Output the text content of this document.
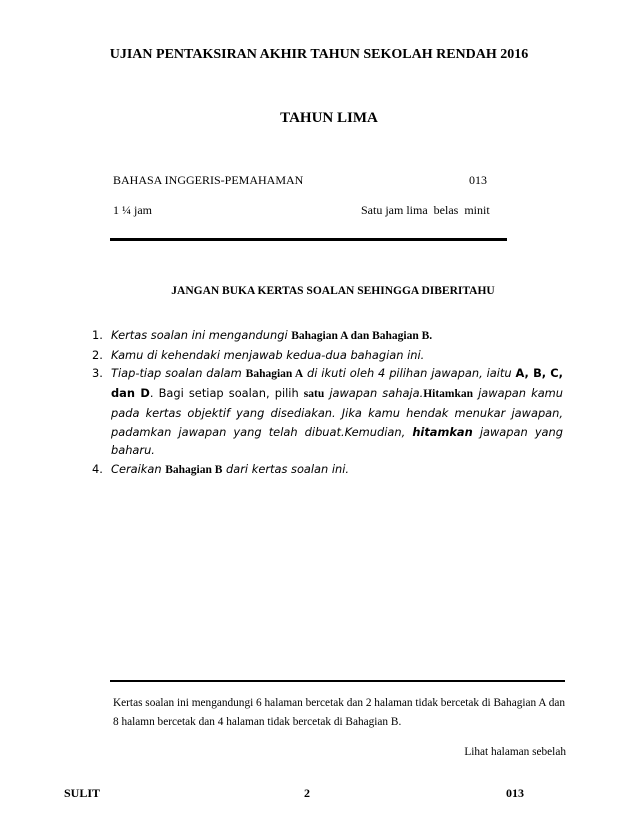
UJIAN PENTAKSIRAN AKHIR TAHUN SEKOLAH RENDAH 2016
TAHUN LIMA
BAHASA INGGERIS-PEMAHAMAN	013
1 ¼ jam	Satu jam lima  belas  minit
JANGAN BUKA KERTAS SOALAN SEHINGGA DIBERITAHU
1. Kertas soalan ini mengandungi Bahagian A dan Bahagian B.
2. Kamu di kehendaki menjawab kedua-dua bahagian ini.
3. Tiap-tiap soalan dalam Bahagian A di ikuti oleh 4 pilihan jawapan, iaitu A, B, C, dan D. Bagi setiap soalan, pilih satu jawapan sahaja.Hitamkan jawapan kamu pada kertas objektif yang disediakan. Jika kamu hendak menukar jawapan, padamkan jawapan yang telah dibuat.Kemudian, hitamkan jawapan yang baharu.
4. Ceraikan Bahagian B dari kertas soalan ini.
Kertas soalan ini mengandungi 6 halaman bercetak dan 2 halaman tidak bercetak di Bahagian A dan 8 halamn bercetak dan 4 halaman tidak bercetak di Bahagian B.
Lihat halaman sebelah
SULIT	2	013
